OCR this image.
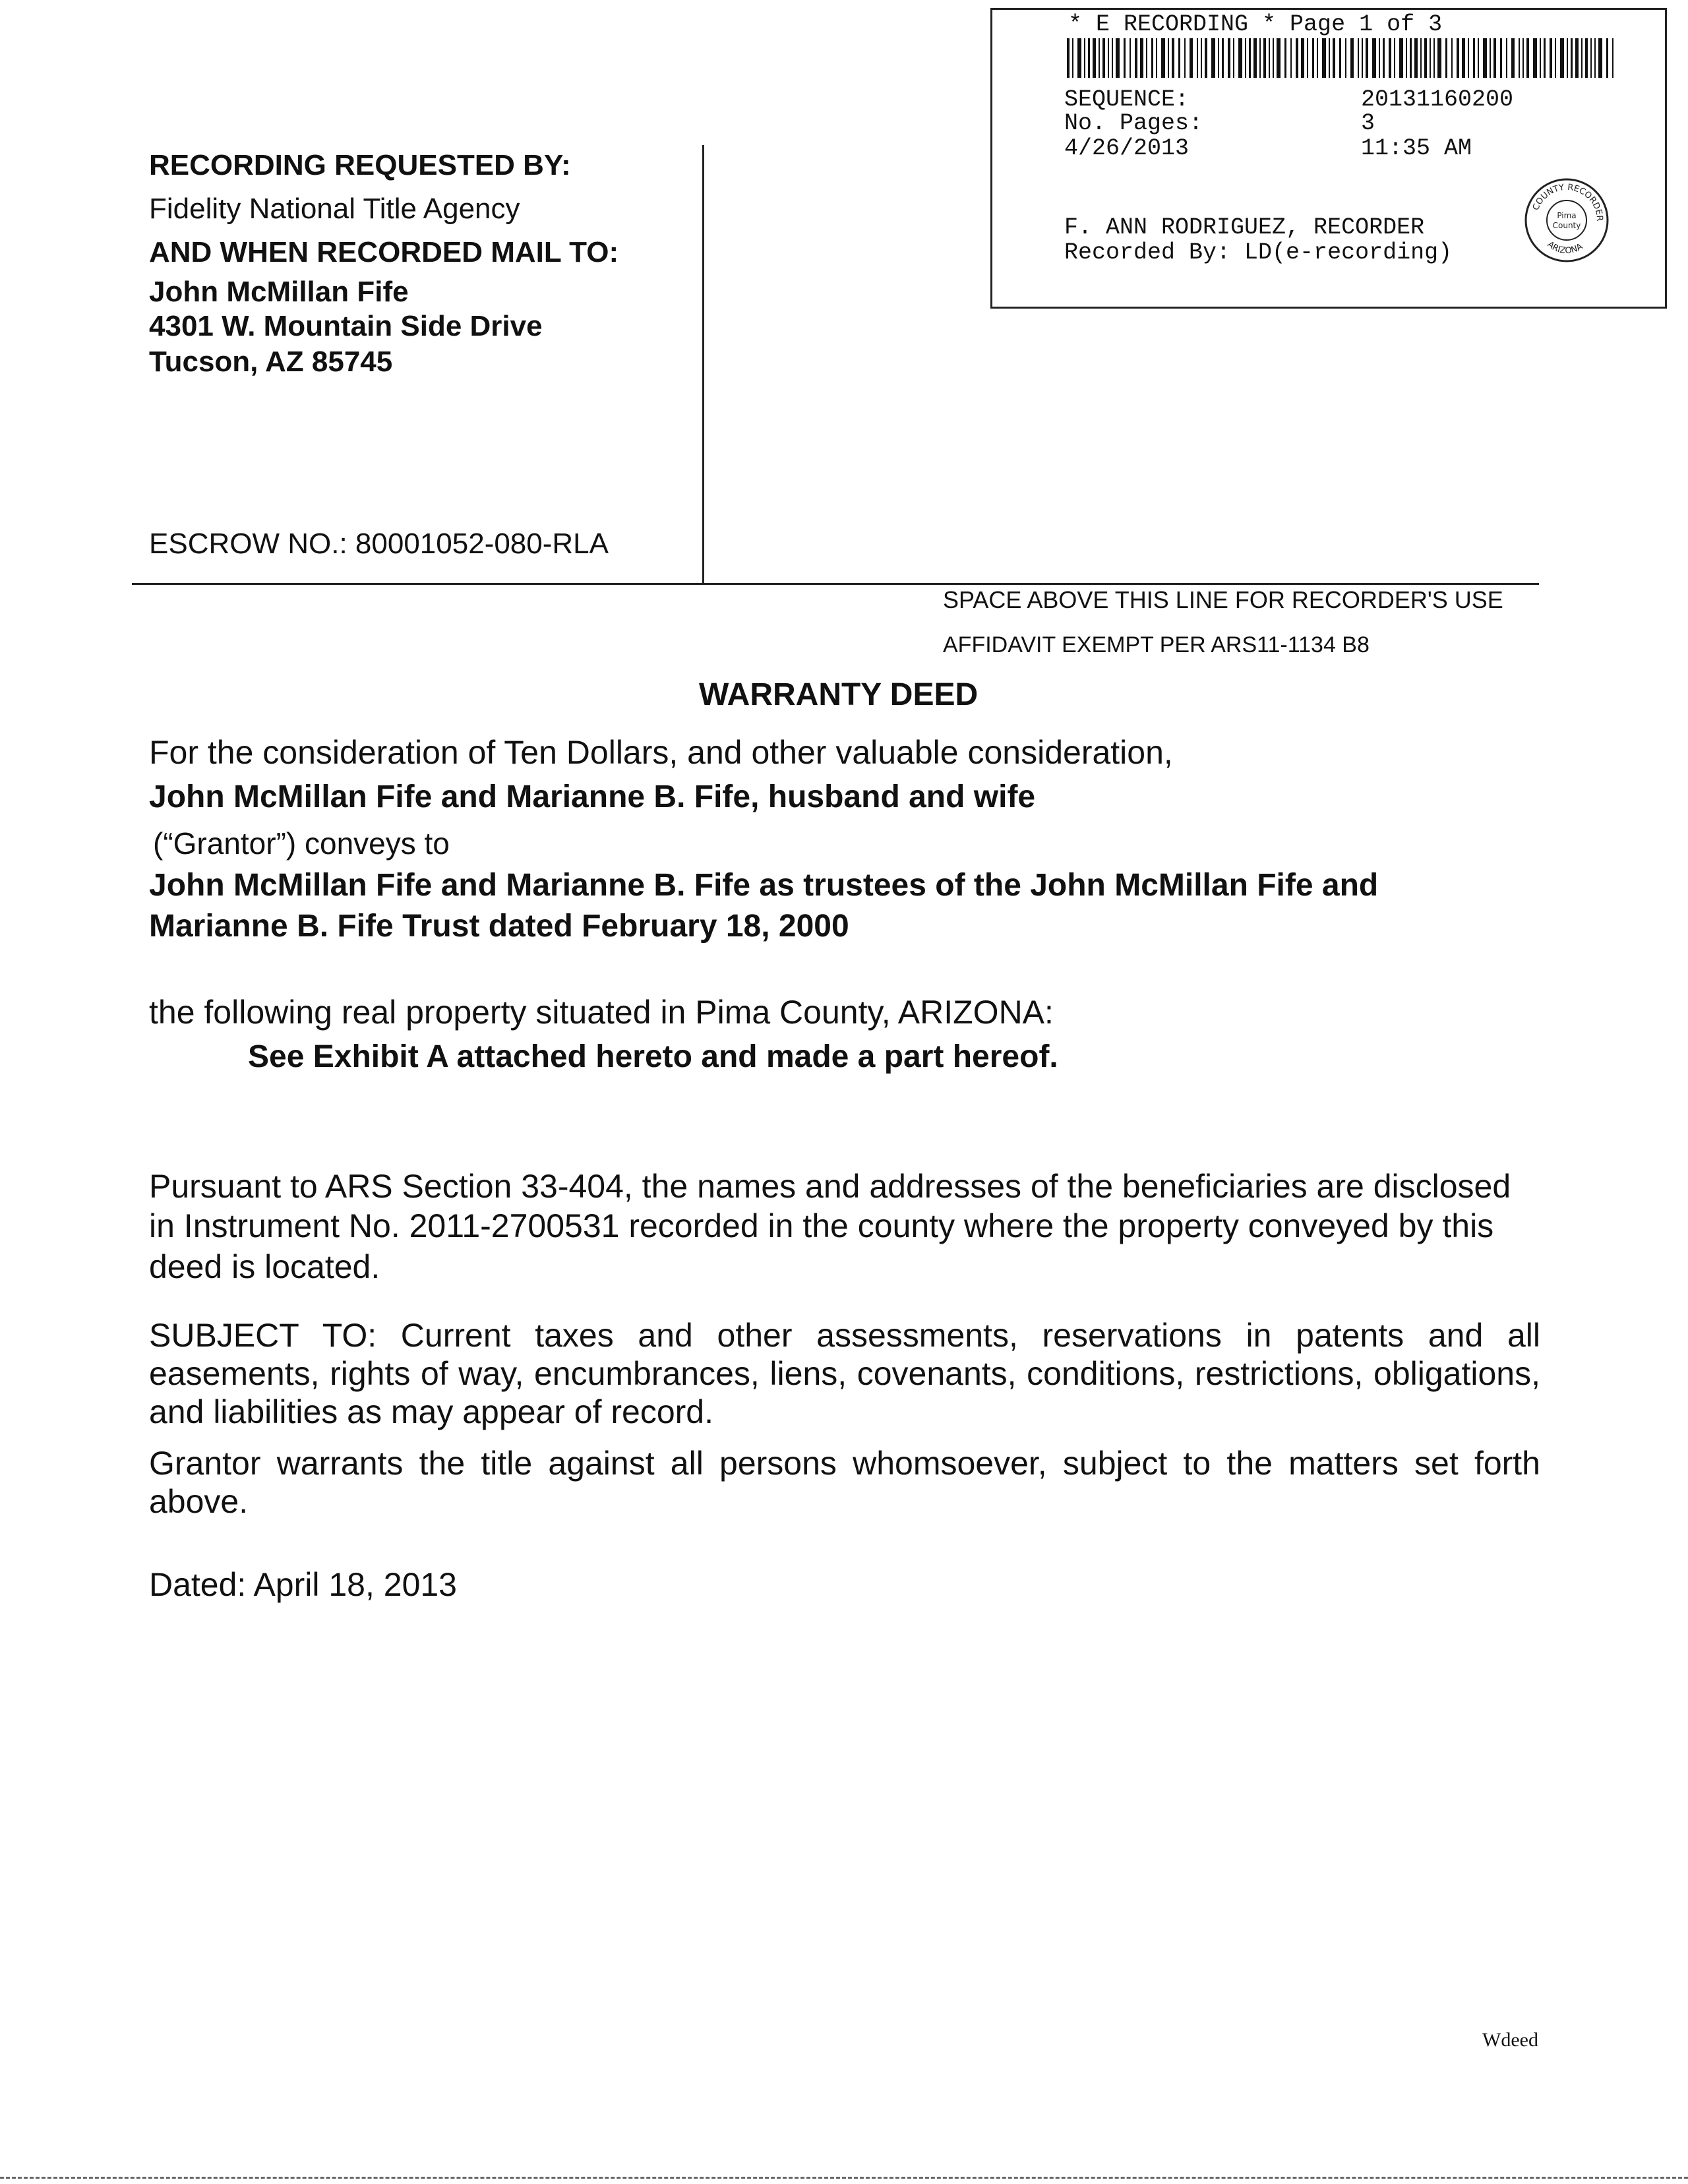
* E RECORDING * Page 1 of 3
SEQUENCE:	20131160200
No. Pages:	3
4/26/2013	11:35 AM
F. ANN RODRIGUEZ, RECORDER
Recorded By: LD(e-recording)
COUNTY RECORDER
ARIZONA
Pima
County
RECORDING REQUESTED BY:
Fidelity National Title Agency
AND WHEN RECORDED MAIL TO:
John McMillan Fife
4301 W. Mountain Side Drive
Tucson, AZ 85745
ESCROW NO.: 80001052-080-RLA
SPACE ABOVE THIS LINE FOR RECORDER'S USE
AFFIDAVIT EXEMPT PER ARS11-1134 B8
WARRANTY DEED
For the consideration of Ten Dollars, and other valuable consideration,
John McMillan Fife and Marianne B. Fife, husband and wife
(“Grantor”) conveys to
John McMillan Fife and Marianne B. Fife as trustees of the John McMillan Fife and
Marianne B. Fife Trust dated February 18, 2000
the following real property situated in Pima County, ARIZONA:
See Exhibit A attached hereto and made a part hereof.
Pursuant to ARS Section 33-404, the names and addresses of the beneficiaries are disclosed
in Instrument No. 2011-2700531 recorded in the county where the property conveyed by this
deed is located.
SUBJECT TO: Current taxes and other assessments, reservations in patents and all easements, rights of way, encumbrances, liens, covenants, conditions, restrictions, obligations, and liabilities as may appear of record.
Grantor warrants the title against all persons whomsoever, subject to the matters set forth above.
Dated: April 18, 2013
Wdeed
